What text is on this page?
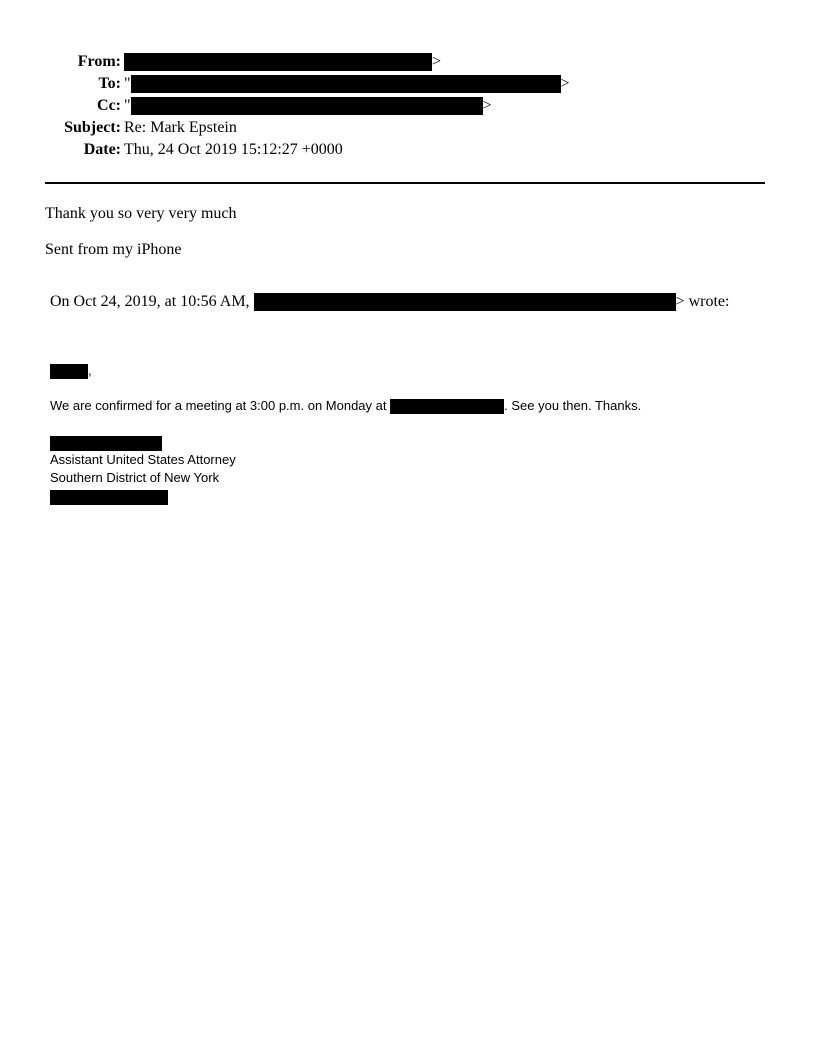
From:	>
To: "	>
Cc: "	>
Subject: Re: Mark Epstein
Date: Thu, 24 Oct 2019 15:12:27 +0000
Thank you so very very much
Sent from my iPhone
On Oct 24, 2019, at 10:56 AM,	> wrote:
,
We are confirmed for a meeting at 3:00 p.m. on Monday at	. See you then. Thanks.
Assistant United States Attorney
Southern District of New York
